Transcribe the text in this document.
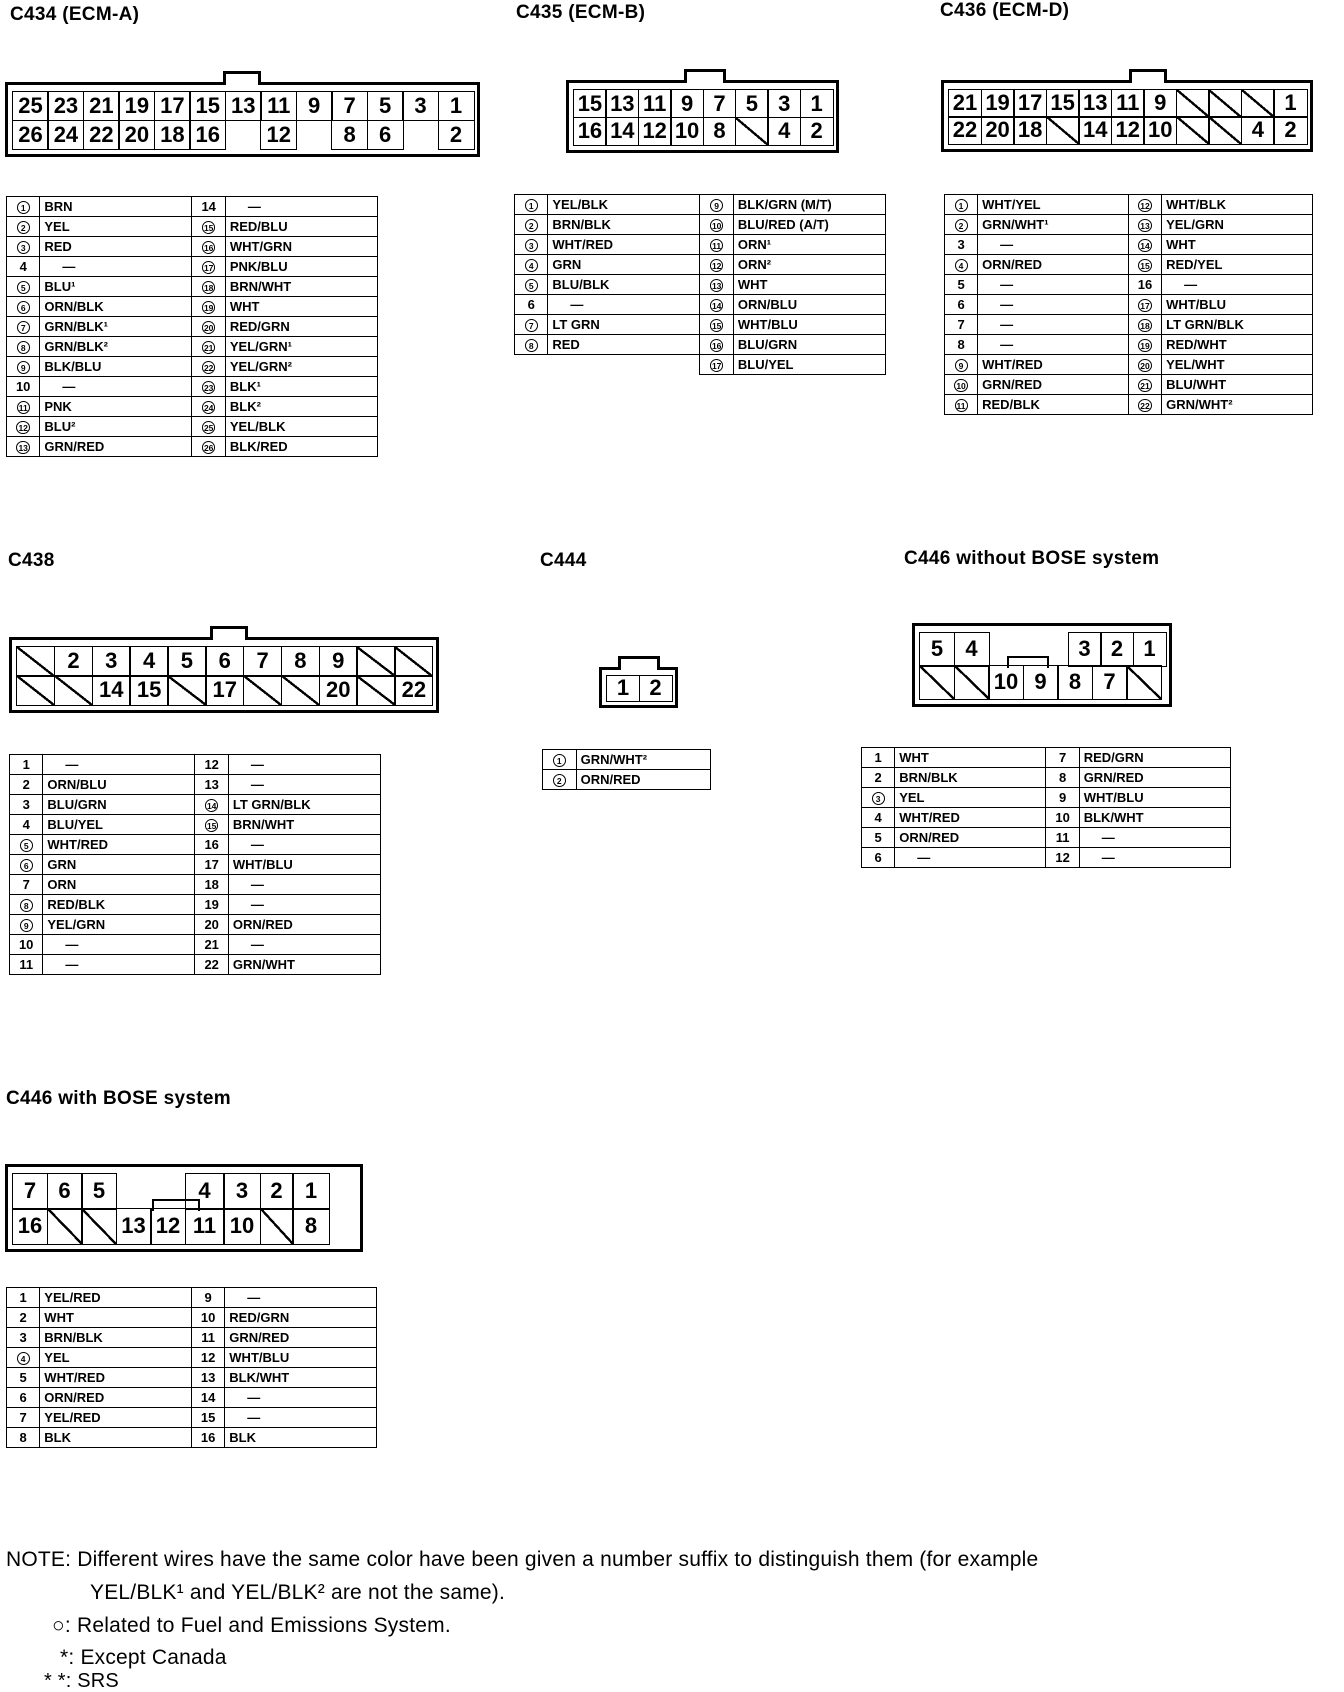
C434 (ECM-A)	C435 (ECM-B)	C436 (ECM-D)
C438	C444	C446 without BOSE system
C446 with BOSE system
25 23 21 19 17 15 13 11 9	7	5	3	1
26 24 22 20 18 16 12	8	6	2
15 13 11 9 7 5 3 1
16 14 12 10 8	4 2
21 19 17 15 13 11 9	1
22 20 18 14 12 10	4 2
2	3	4	5	6	7	8	9
14 15	17	20	22	1 2
5	4	3 2 1
10 9	8	7
7	6	5	4	3	2	1
16	13 12 11 10	8
1	BRN	14	—
2	YEL	15	RED/BLU
3	RED	16	WHT/GRN
4	—	17	PNK/BLU
5	BLU¹	18	BRN/WHT
6	ORN/BLK	19	WHT
7	GRN/BLK¹	20	RED/GRN
8	GRN/BLK²	21	YEL/GRN¹
9	BLK/BLU	22	YEL/GRN²
10	—	23	BLK¹
11	PNK	24	BLK²
12	BLU²	25	YEL/BLK
13	GRN/RED	26	BLK/RED
1	YEL/BLK	9	BLK/GRN (M/T)
2	BRN/BLK	10	BLU/RED (A/T)
3	WHT/RED	11	ORN¹
4	GRN	12	ORN²
5	BLU/BLK	13	WHT
6	—	14	ORN/BLU
7	LT GRN	15	WHT/BLU
8	RED	16	BLU/GRN
		17	BLU/YEL
1	WHT/YEL	12	WHT/BLK
2	GRN/WHT¹	13	YEL/GRN
3	—	14	WHT
4	ORN/RED	15	RED/YEL
5	—	16	—
6	—	17	WHT/BLU
7	—	18	LT GRN/BLK
8	—	19	RED/WHT
9	WHT/RED	20	YEL/WHT
10	GRN/RED	21	BLU/WHT
11	RED/BLK	22	GRN/WHT²
1	—	12	—
2	ORN/BLU	13	—
3	BLU/GRN	14	LT GRN/BLK
4	BLU/YEL	15	BRN/WHT
5	WHT/RED	16	—
6	GRN	17	WHT/BLU
7	ORN	18	—
8	RED/BLK	19	—
9	YEL/GRN	20	ORN/RED
10	—	21	—
11	—	22	GRN/WHT
1	GRN/WHT²
2	ORN/RED
1	WHT	7	RED/GRN
2	BRN/BLK	8	GRN/RED
3	YEL	9	WHT/BLU
4	WHT/RED	10	BLK/WHT
5	ORN/RED	11	—
6	—	12	—
1	YEL/RED	9	—
2	WHT	10	RED/GRN
3	BRN/BLK	11	GRN/RED
4	YEL	12	WHT/BLU
5	WHT/RED	13	BLK/WHT
6	ORN/RED	14	—
7	YEL/RED	15	—
8	BLK	16	BLK
NOTE: Different wires have the same color have been given a number suffix to distinguish them (for example
YEL/BLK¹ and YEL/BLK² are not the same).
○: Related to Fuel and Emissions System.
*: Except Canada
* *: SRS
